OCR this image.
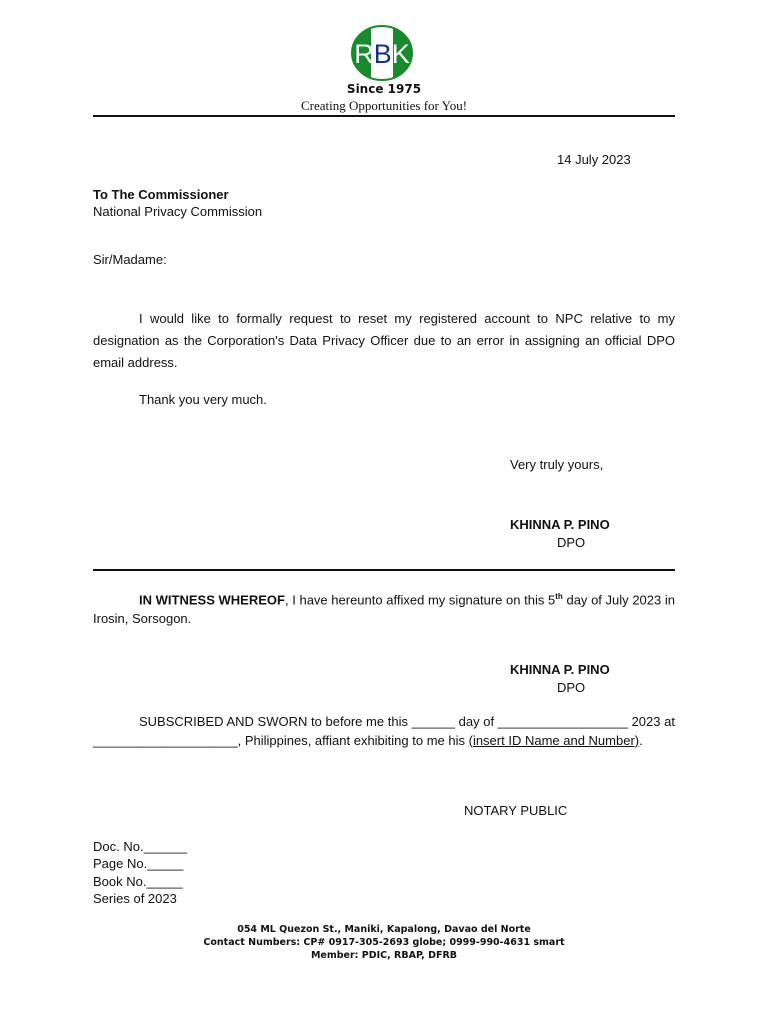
RBK
Since 1975
Creating Opportunities for You!
14 July 2023
To The Commissioner
National Privacy Commission
Sir/Madame:
I would like to formally request to reset my registered account to NPC relative to my designation as the Corporation's Data Privacy Officer due to an error in assigning an official DPO email address.
Thank you very much.
Very truly yours,
KHINNA P. PINO
DPO
IN WITNESS WHEREOF, I have hereunto affixed my signature on this 5th day of July 2023 in Irosin, Sorsogon.
KHINNA P. PINO
DPO
SUBSCRIBED AND SWORN to before me this ______ day of __________________ 2023 at ____________________, Philippines, affiant exhibiting to me his (insert ID Name and Number).
NOTARY PUBLIC
Doc. No.______
Page No._____
Book No._____
Series of 2023
054 ML Quezon St., Maniki, Kapalong, Davao del Norte
Contact Numbers: CP# 0917-305-2693 globe; 0999-990-4631 smart
Member: PDIC, RBAP, DFRB
